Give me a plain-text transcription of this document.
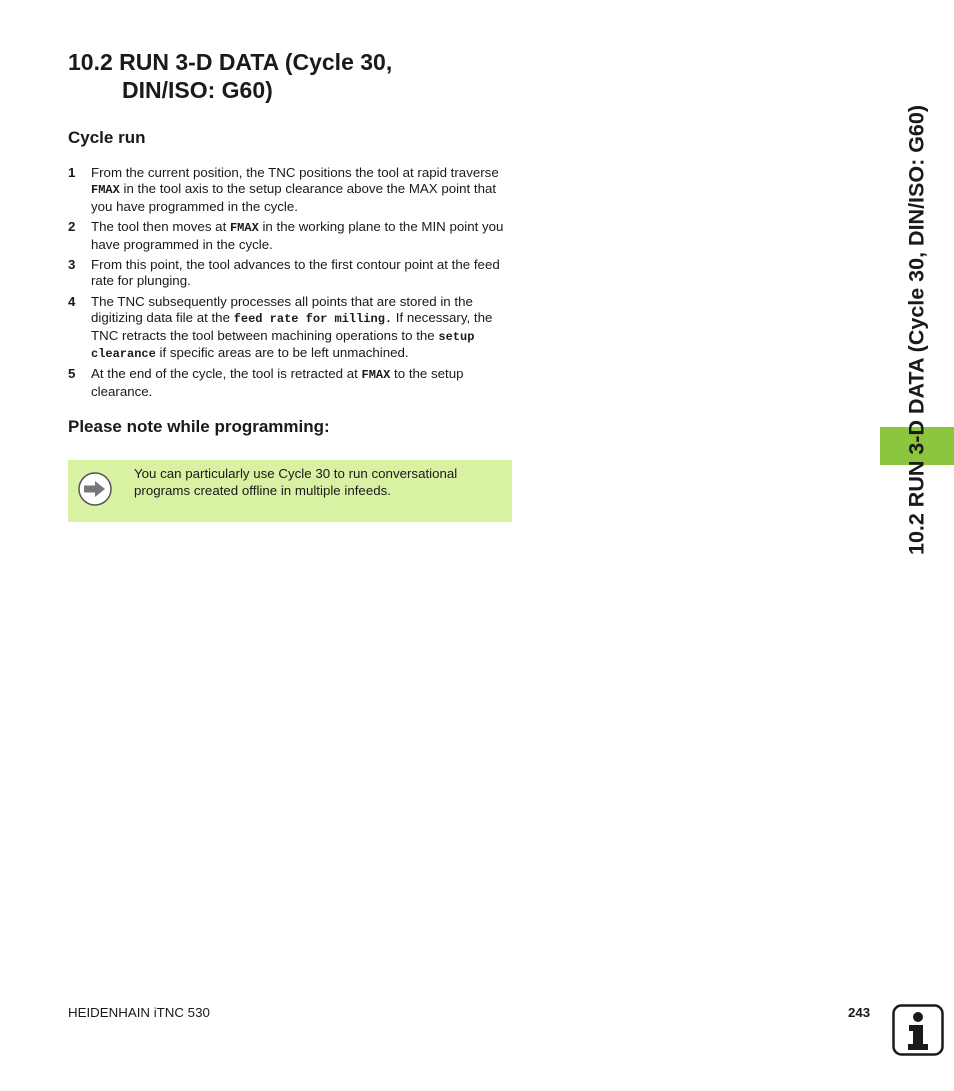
10.2 RUN 3-D DATA (Cycle 30,
DIN/ISO: G60)
Cycle run
1 From the current position, the TNC positions the tool at rapid traverse FMAX in the tool axis to the setup clearance above the MAX point that you have programmed in the cycle.
2 The tool then moves at FMAX in the working plane to the MIN point you have programmed in the cycle.
3 From this point, the tool advances to the first contour point at the feed rate for plunging.
4 The TNC subsequently processes all points that are stored in the digitizing data file at the feed rate for milling. If necessary, the TNC retracts the tool between machining operations to the setup clearance if specific areas are to be left unmachined.
5 At the end of the cycle, the tool is retracted at FMAX to the setup clearance.
Please note while programming:
You can particularly use Cycle 30 to run conversational programs created offline in multiple infeeds.	10.2 RUN 3-D DATA (Cycle 30, DIN/ISO: G60)
HEIDENHAIN iTNC 530	243
